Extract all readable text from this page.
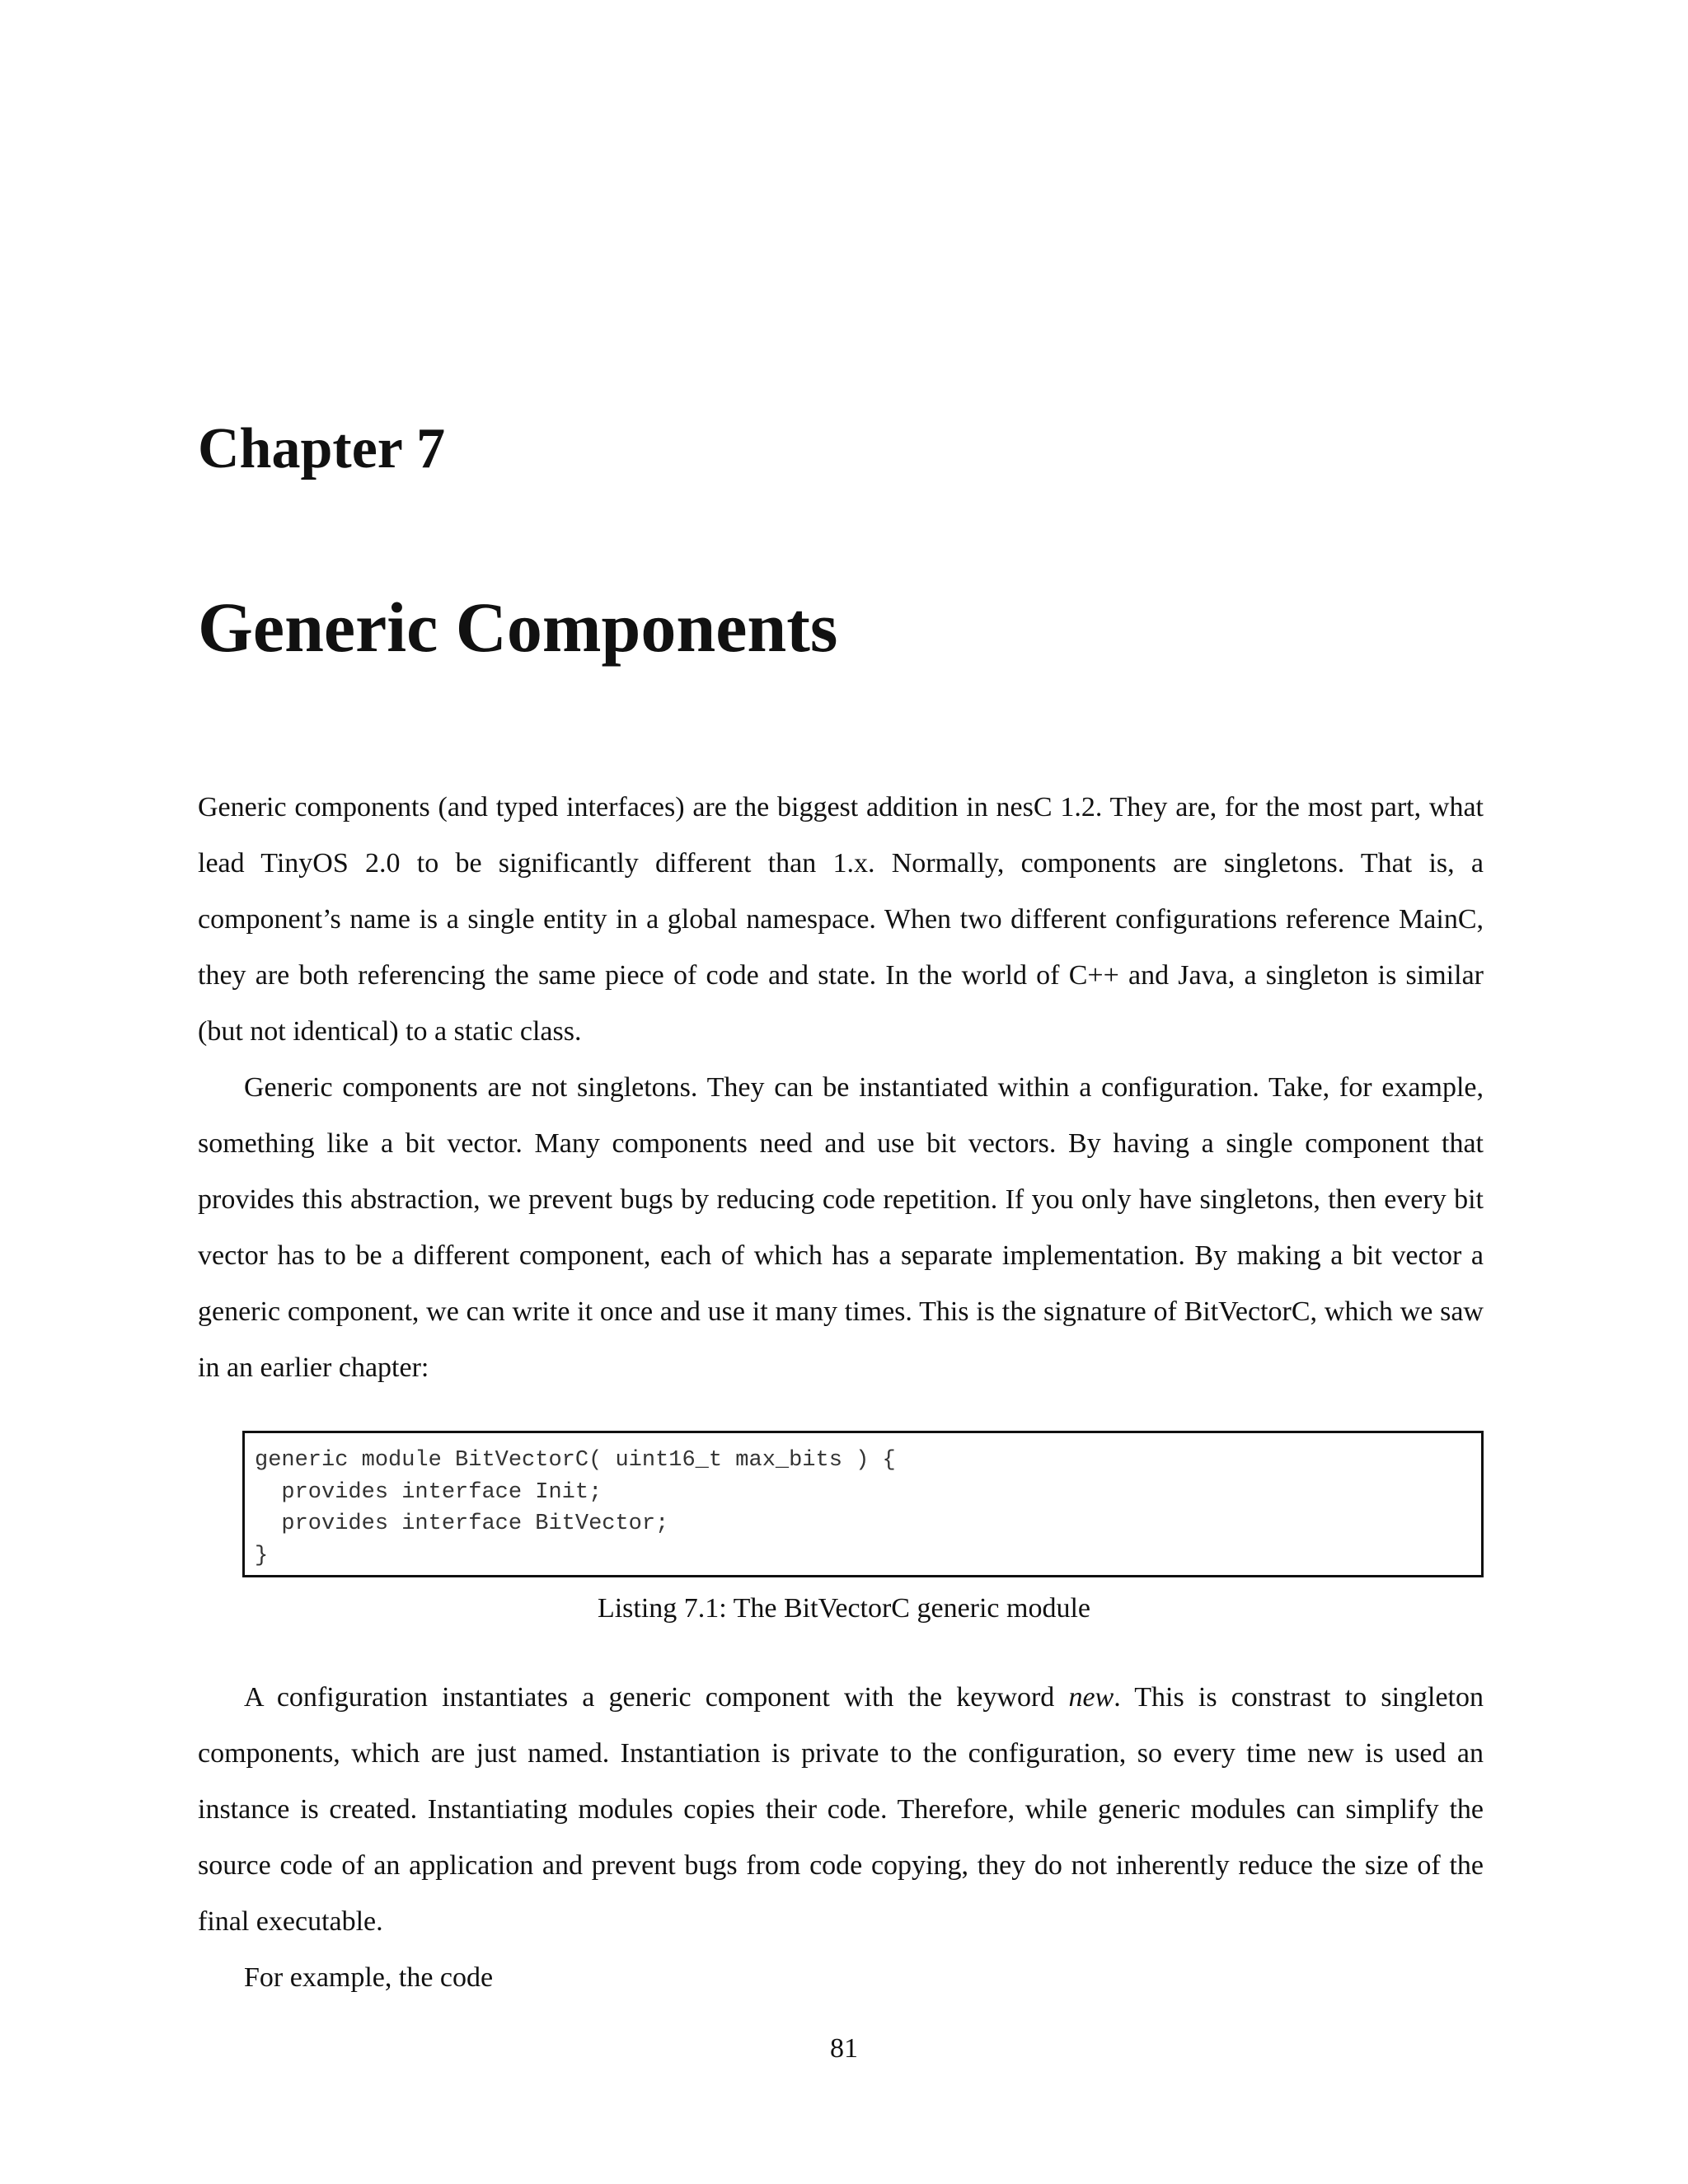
Chapter 7
Generic Components

Generic components (and typed interfaces) are the biggest addition in nesC 1.2. They are, for the most part, what lead TinyOS 2.0 to be significantly different than 1.x. Normally, components are singletons. That is, a component’s name is a single entity in a global namespace. When two different configurations reference MainC, they are both referencing the same piece of code and state. In the world of C++ and Java, a singleton is similar (but not identical) to a static class.

Generic components are not singletons. They can be instantiated within a configuration. Take, for example, something like a bit vector. Many components need and use bit vectors. By having a single component that provides this abstraction, we prevent bugs by reducing code repetition. If you only have singletons, then every bit vector has to be a different component, each of which has a separate implementation. By making a bit vector a generic component, we can write it once and use it many times. This is the signature of BitVectorC, which we saw in an earlier chapter:

generic module BitVectorC( uint16_t max_bits ) {
provides interface Init;
provides interface BitVector;
}

Listing 7.1: The BitVectorC generic module

A configuration instantiates a generic component with the keyword new. This is constrast to singleton components, which are just named. Instantiation is private to the configuration, so every time new is used an instance is created. Instantiating modules copies their code. Therefore, while generic modules can simplify the source code of an application and prevent bugs from code copying, they do not inherently reduce the size of the final executable.

For example, the code

81
